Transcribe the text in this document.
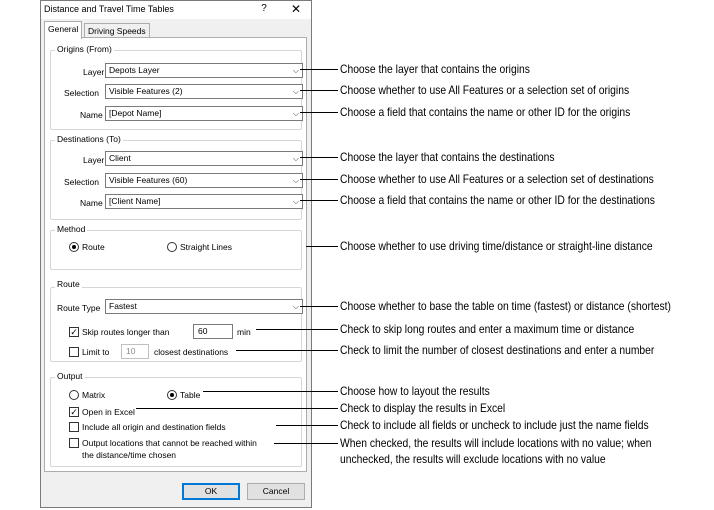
Distance and Travel Time Tables	?	✕
General	Driving Speeds
Origins (From)
Layer Depots Layer	⌵
Selection	Visible Features (2)	⌵
Name [Depot Name]	⌵
Destinations (To)
Layer Client	⌵
Selection	Visible Features (60)	⌵
Name [Client Name]	⌵
Method
Route	Straight Lines
Route
Route Type	Fastest	⌵
✓ Skip routes longer than	60	min
Limit to	10	closest destinations
Output
Matrix	Table
✓ Open in Excel
Include all origin and destination fields
Output locations that cannot be reached within
the distance/time chosen
OK	Cancel
Choose the layer that contains the origins
Choose whether to use All Features or a selection set of origins
Choose a field that contains the name or other ID for the origins
Choose the layer that contains the destinations
Choose whether to use All Features or a selection set of destinations
Choose a field that contains the name or other ID for the destinations
Choose whether to use driving time/distance or straight-line distance
Choose whether to base the table on time (fastest) or distance (shortest)
Check to skip long routes and enter a maximum time or distance
Check to limit the number of closest destinations and enter a number
Choose how to layout the results
Check to display the results in Excel
Check to include all fields or uncheck to include just the name fields
When checked, the results will include locations with no value; when
unchecked, the results will exclude locations with no value
